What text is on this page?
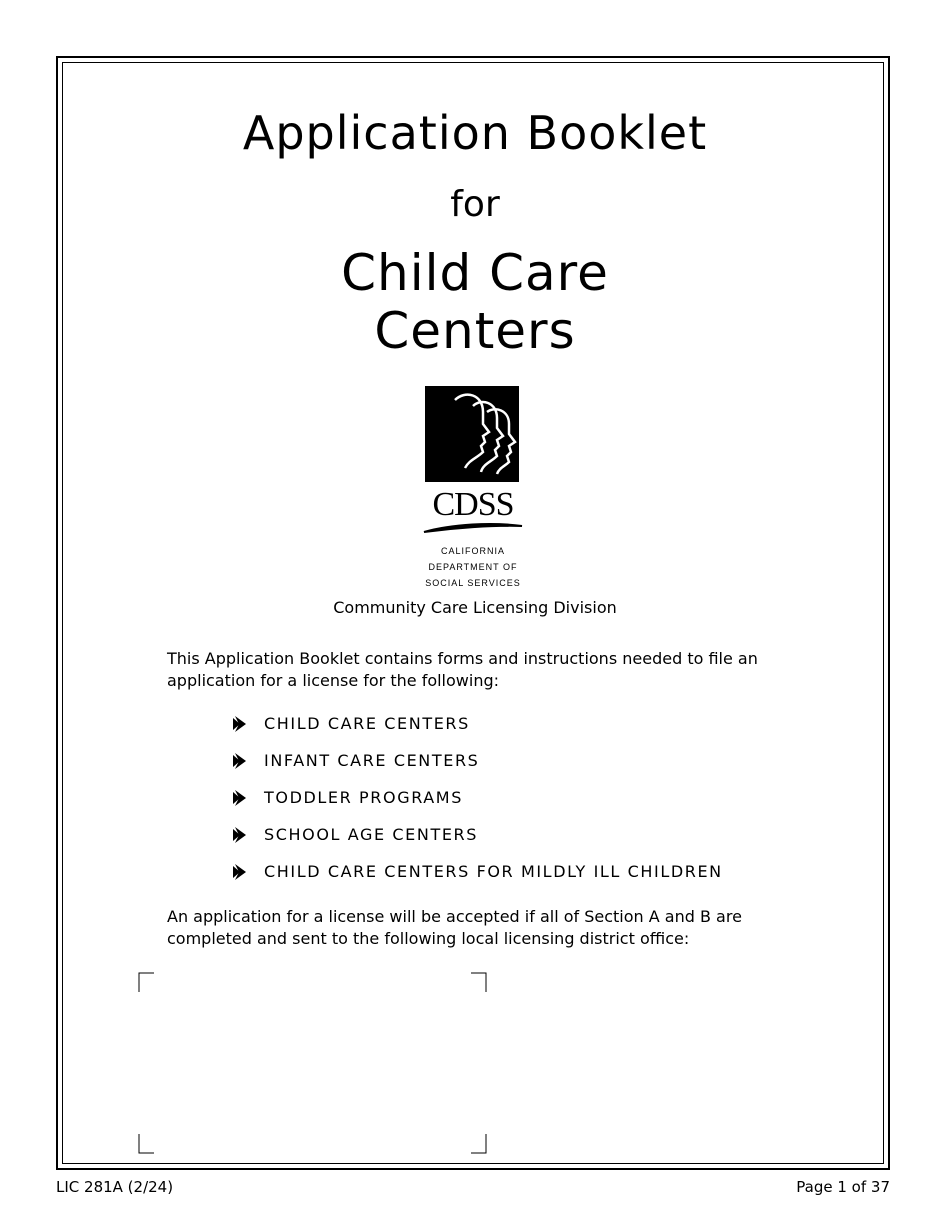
Application Booklet
for
Child Care
Centers
CDSS
CALIFORNIA
DEPARTMENT OF
SOCIAL SERVICES
Community Care Licensing Division
This Application Booklet contains forms and instructions needed to file an application for a license for the following:
CHILD CARE CENTERS
INFANT CARE CENTERS
TODDLER PROGRAMS
SCHOOL AGE CENTERS
CHILD CARE CENTERS FOR MILDLY ILL CHILDREN
An application for a license will be accepted if all of Section A and B are completed and sent to the following local licensing district office:
LIC 281A (2/24)	Page 1 of 37
